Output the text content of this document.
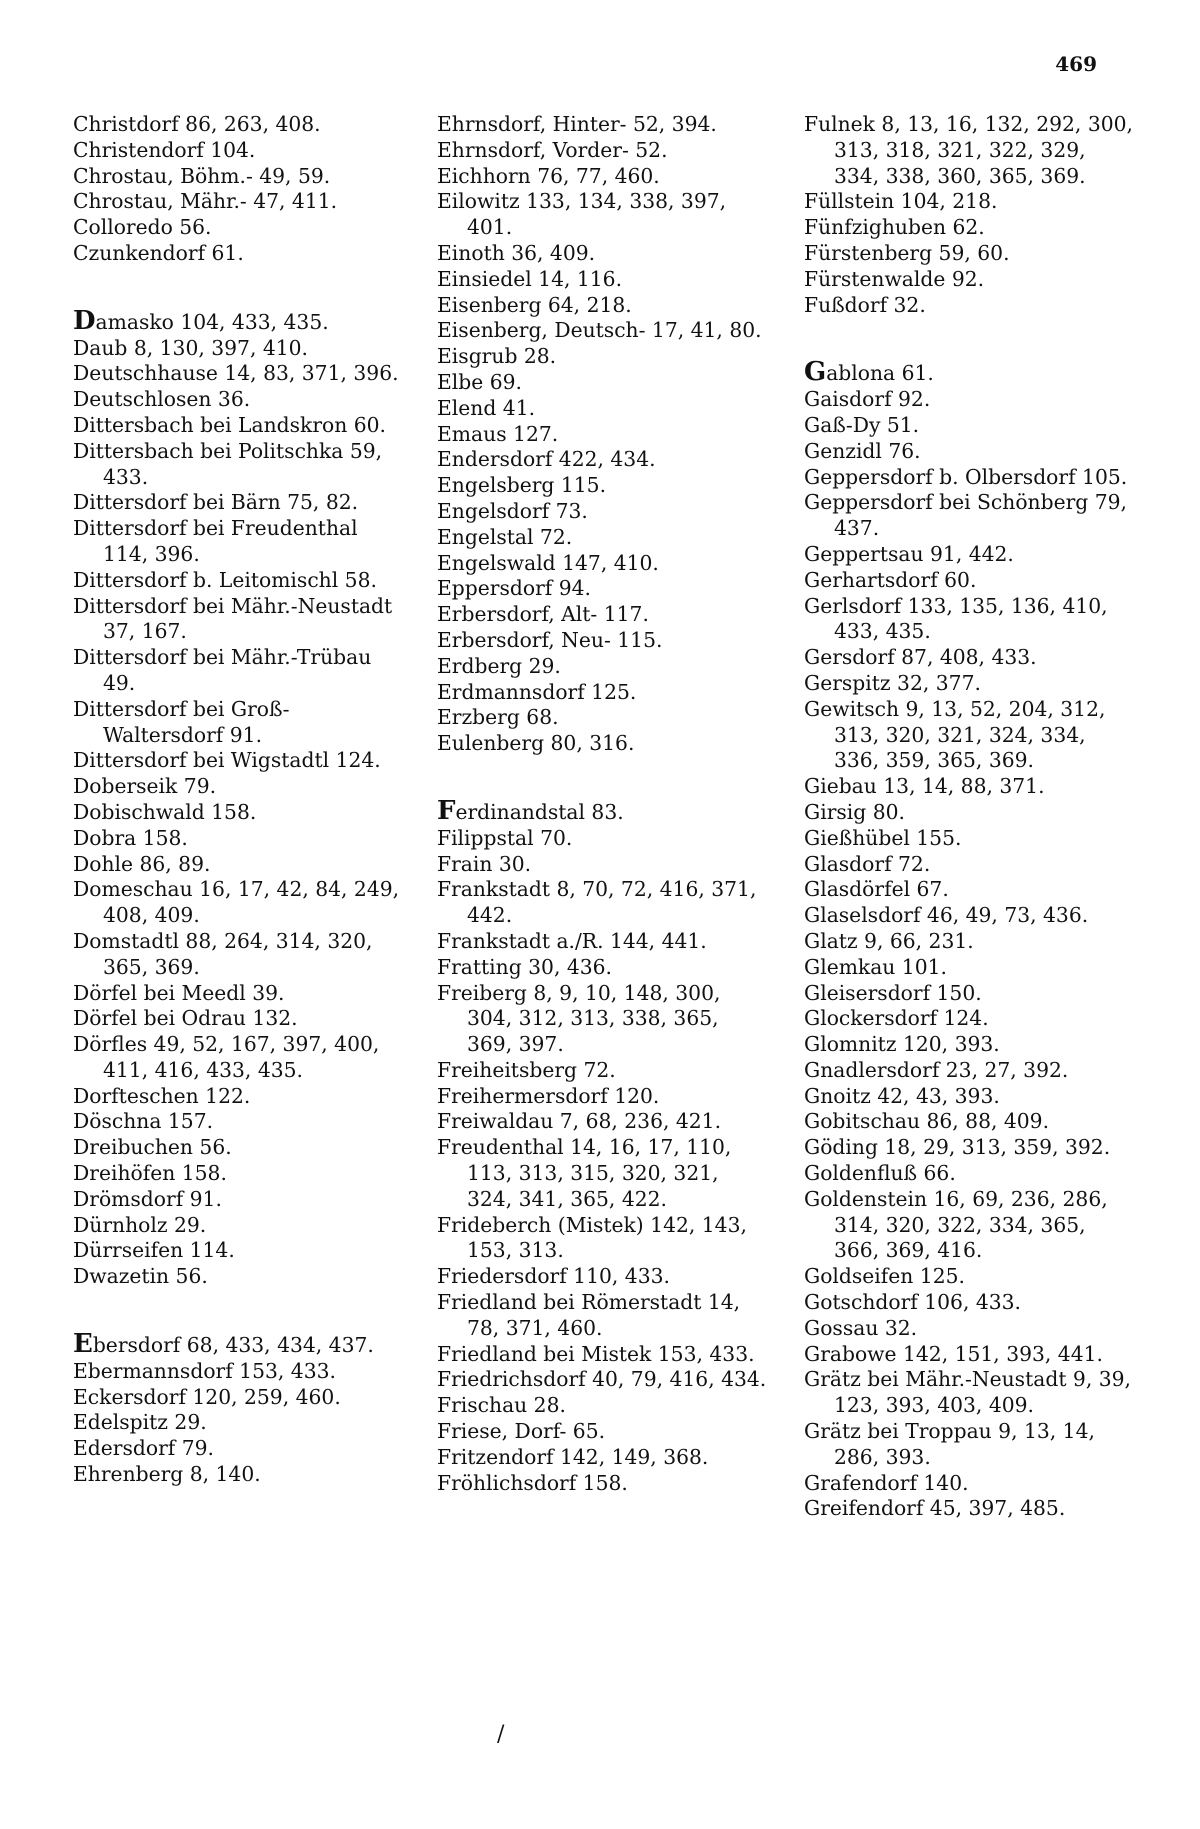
469

Christdorf 86, 263, 408.

Christendorf 104.

Chrostau, Böhm.- 49, 59.

Chrostau, Mähr.- 47, 411.

Colloredo 56.

Czunkendorf 61.

Damasko 104, 433, 435.

Daub 8, 130, 397, 410.

Deutschhause 14, 83, 371, 396.

Deutschlosen 36.

Dittersbach bei Landskron 60.

Dittersbach bei Politschka 59, 433.

Dittersdorf bei Bärn 75, 82.

Dittersdorf bei Freudenthal 114, 396.

Dittersdorf b. Leitomischl 58.

Dittersdorf bei Mähr.-Neustadt 37, 167.

Dittersdorf bei Mähr.-Trübau 49.

Dittersdorf bei Groß-Waltersdorf 91.

Dittersdorf bei Wigstadtl 124.

Doberseik 79.

Dobischwald 158.

Dobra 158.

Dohle 86, 89.

Domeschau 16, 17, 42, 84, 249, 408, 409.

Domstadtl 88, 264, 314, 320, 365, 369.

Dörfel bei Meedl 39.

Dörfel bei Odrau 132.

Dörfles 49, 52, 167, 397, 400, 411, 416, 433, 435.

Dorfteschen 122.

Döschna 157.

Dreibuchen 56.

Dreihöfen 158.

Drömsdorf 91.

Dürnholz 29.

Dürrseifen 114.

Dwazetin 56.

Ebersdorf 68, 433, 434, 437.

Ebermannsdorf 153, 433.

Eckersdorf 120, 259, 460.

Edelspitz 29.

Edersdorf 79.

Ehrenberg 8, 140.

Ehrnsdorf, Hinter- 52, 394.

Ehrnsdorf, Vorder- 52.

Eichhorn 76, 77, 460.

Eilowitz 133, 134, 338, 397, 401.

Einoth 36, 409.

Einsiedel 14, 116.

Eisenberg 64, 218.

Eisenberg, Deutsch- 17, 41, 80.

Eisgrub 28.

Elbe 69.

Elend 41.

Emaus 127.

Endersdorf 422, 434.

Engelsberg 115.

Engelsdorf 73.

Engelstal 72.

Engelswald 147, 410.

Eppersdorf 94.

Erbersdorf, Alt- 117.

Erbersdorf, Neu- 115.

Erdberg 29.

Erdmannsdorf 125.

Erzberg 68.

Eulenberg 80, 316.

Ferdinandstal 83.

Filippstal 70.

Frain 30.

Frankstadt 8, 70, 72, 416, 371, 442.

Frankstadt a./R. 144, 441.

Fratting 30, 436.

Freiberg 8, 9, 10, 148, 300, 304, 312, 313, 338, 365, 369, 397.

Freiheitsberg 72.

Freihermersdorf 120.

Freiwaldau 7, 68, 236, 421.

Freudenthal 14, 16, 17, 110, 113, 313, 315, 320, 321, 324, 341, 365, 422.

Frideberch (Mistek) 142, 143, 153, 313.

Friedersdorf 110, 433.

Friedland bei Römerstadt 14, 78, 371, 460.

Friedland bei Mistek 153, 433.

Friedrichsdorf 40, 79, 416, 434.

Frischau 28.

Friese, Dorf- 65.

Fritzendorf 142, 149, 368.

Fröhlichsdorf 158.

Fulnek 8, 13, 16, 132, 292, 300, 313, 318, 321, 322, 329, 334, 338, 360, 365, 369.

Füllstein 104, 218.

Fünfzighuben 62.

Fürstenberg 59, 60.

Fürstenwalde 92.

Fußdorf 32.

Gablona 61.

Gaisdorf 92.

Gaß-Dy 51.

Genzidl 76.

Geppersdorf b. Olbersdorf 105.

Geppersdorf bei Schönberg 79, 437.

Geppertsau 91, 442.

Gerhartsdorf 60.

Gerlsdorf 133, 135, 136, 410, 433, 435.

Gersdorf 87, 408, 433.

Gerspitz 32, 377.

Gewitsch 9, 13, 52, 204, 312, 313, 320, 321, 324, 334, 336, 359, 365, 369.

Giebau 13, 14, 88, 371.

Girsig 80.

Gießhübel 155.

Glasdorf 72.

Glasdörfel 67.

Glaselsdorf 46, 49, 73, 436.

Glatz 9, 66, 231.

Glemkau 101.

Gleisersdorf 150.

Glockersdorf 124.

Glomnitz 120, 393.

Gnadlersdorf 23, 27, 392.

Gnoitz 42, 43, 393.

Gobitschau 86, 88, 409.

Göding 18, 29, 313, 359, 392.

Goldenfluß 66.

Goldenstein 16, 69, 236, 286, 314, 320, 322, 334, 365, 366, 369, 416.

Goldseifen 125.

Gotschdorf 106, 433.

Gossau 32.

Grabowe 142, 151, 393, 441.

Grätz bei Mähr.-Neustadt 9, 39, 123, 393, 403, 409.

Grätz bei Troppau 9, 13, 14, 286, 393.

Grafendorf 140.

Greifendorf 45, 397, 485.

/
